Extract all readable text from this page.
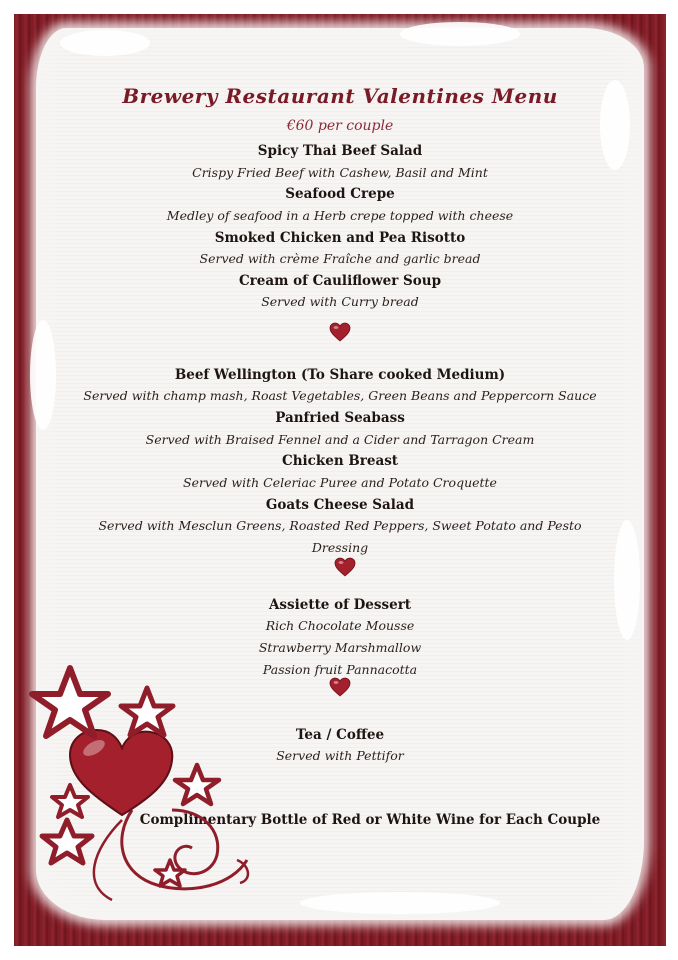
Brewery Restaurant Valentines Menu
€60 per couple
Spicy Thai Beef Salad
Crispy Fried Beef with Cashew, Basil and Mint
Seafood Crepe
Medley of seafood in a Herb crepe topped with cheese
Smoked Chicken and Pea Risotto
Served with crème Fraîche and garlic bread
Cream of Cauliflower Soup
Served with Curry bread
Beef Wellington (To Share cooked Medium)
Served with champ mash, Roast Vegetables, Green Beans and Peppercorn Sauce
Panfried Seabass
Served with Braised Fennel and a Cider and Tarragon Cream
Chicken Breast
Served with Celeriac Puree and Potato Croquette
Goats Cheese Salad
Served with Mesclun Greens, Roasted Red Peppers, Sweet Potato and Pesto
Dressing
Assiette of Dessert
Rich Chocolate Mousse
Strawberry Marshmallow
Passion fruit Pannacotta
Tea / Coffee
Served with Pettifor
Complimentary Bottle of Red or White Wine for Each Couple
